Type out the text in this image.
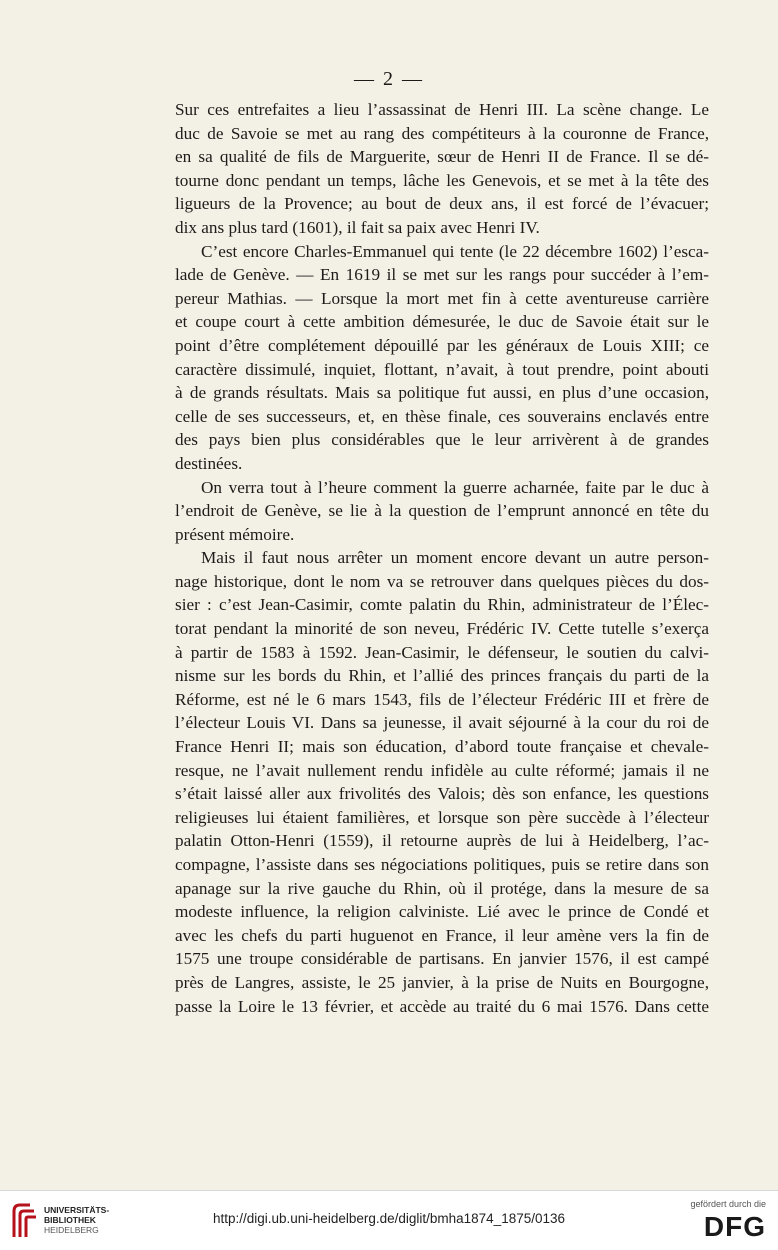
— 2 —
Sur ces entrefaites a lieu l’assassinat de Henri III. La scène change. Le
duc de Savoie se met au rang des compétiteurs à la couronne de France,
en sa qualité de fils de Marguerite, sœur de Henri II de France. Il se dé-
tourne donc pendant un temps, lâche les Genevois, et se met à la tête des
ligueurs de la Provence; au bout de deux ans, il est forcé de l’évacuer;
dix ans plus tard (1601), il fait sa paix avec Henri IV.
C’est encore Charles-Emmanuel qui tente (le 22 décembre 1602) l’esca-
lade de Genève. — En 1619 il se met sur les rangs pour succéder à l’em-
pereur Mathias. — Lorsque la mort met fin à cette aventureuse carrière
et coupe court à cette ambition démesurée, le duc de Savoie était sur le
point d’être complétement dépouillé par les généraux de Louis XIII; ce
caractère dissimulé, inquiet, flottant, n’avait, à tout prendre, point abouti
à de grands résultats. Mais sa politique fut aussi, en plus d’une occasion,
celle de ses successeurs, et, en thèse finale, ces souverains enclavés entre
des pays bien plus considérables que le leur arrivèrent à de grandes
destinées.
On verra tout à l’heure comment la guerre acharnée, faite par le duc à
l’endroit de Genève, se lie à la question de l’emprunt annoncé en tête du
présent mémoire.
Mais il faut nous arrêter un moment encore devant un autre person-
nage historique, dont le nom va se retrouver dans quelques pièces du dos-
sier : c’est Jean-Casimir, comte palatin du Rhin, administrateur de l’Élec-
torat pendant la minorité de son neveu, Frédéric IV. Cette tutelle s’exerça
à partir de 1583 à 1592. Jean-Casimir, le défenseur, le soutien du calvi-
nisme sur les bords du Rhin, et l’allié des princes français du parti de la
Réforme, est né le 6 mars 1543, fils de l’électeur Frédéric III et frère de
l’électeur Louis VI. Dans sa jeunesse, il avait séjourné à la cour du roi de
France Henri II; mais son éducation, d’abord toute française et chevale-
resque, ne l’avait nullement rendu infidèle au culte réformé; jamais il ne
s’était laissé aller aux frivolités des Valois; dès son enfance, les questions
religieuses lui étaient familières, et lorsque son père succède à l’électeur
palatin Otton-Henri (1559), il retourne auprès de lui à Heidelberg, l’ac-
compagne, l’assiste dans ses négociations politiques, puis se retire dans son
apanage sur la rive gauche du Rhin, où il protége, dans la mesure de sa
modeste influence, la religion calviniste. Lié avec le prince de Condé et
avec les chefs du parti huguenot en France, il leur amène vers la fin de
1575 une troupe considérable de partisans. En janvier 1576, il est campé
près de Langres, assiste, le 25 janvier, à la prise de Nuits en Bourgogne,
passe la Loire le 13 février, et accède au traité du 6 mai 1576. Dans cette
UNIVERSITÄTS-
BIBLIOTHEK
HEIDELBERG
http://digi.ub.uni-heidelberg.de/diglit/bmha1874_1875/0136
gefördert durch die
DFG
